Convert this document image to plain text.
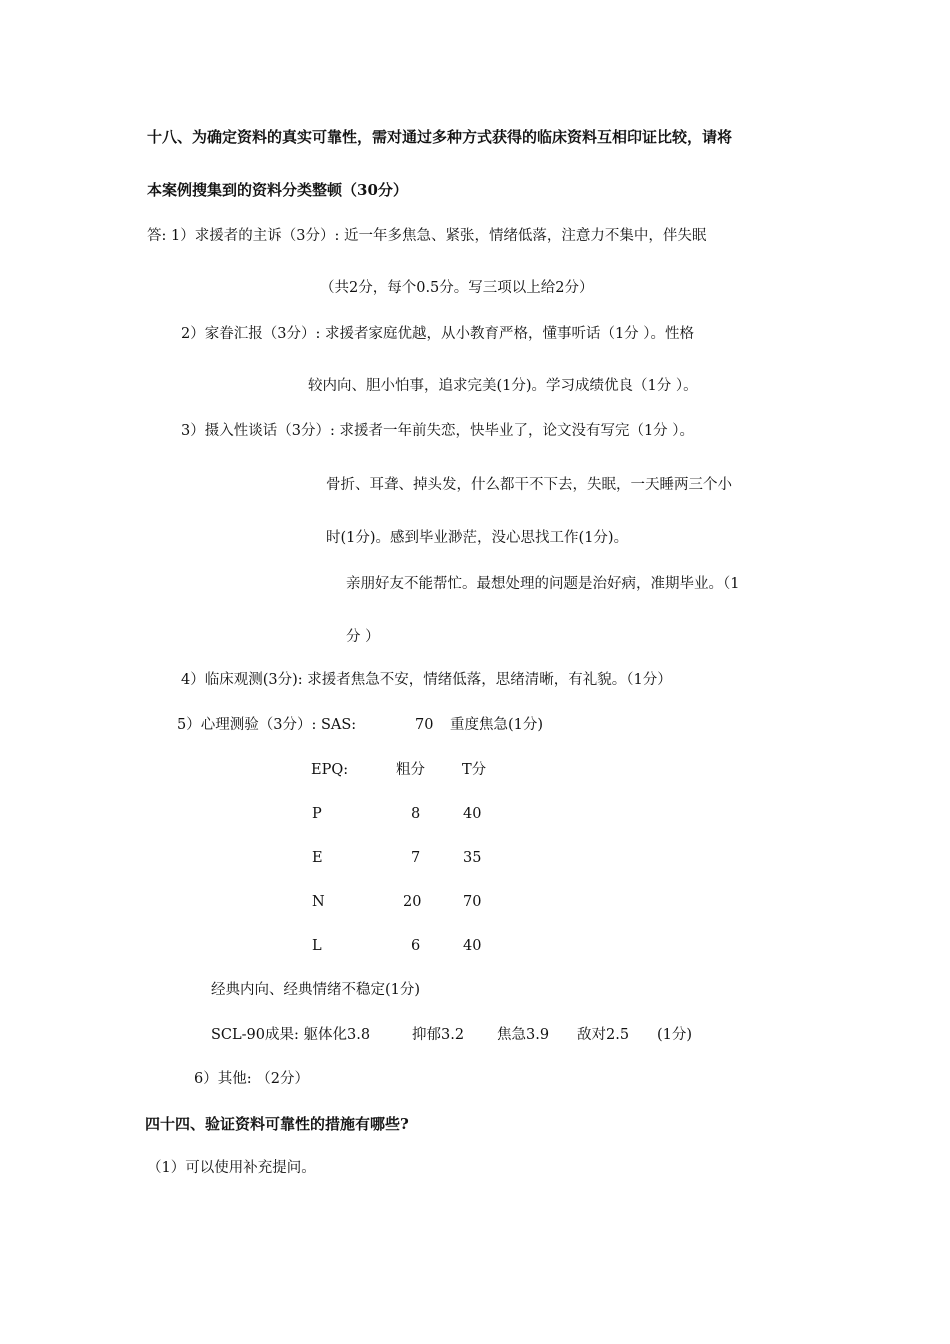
十八、为确定资料的真实可靠性，需对通过多种方式获得的临床资料互相印证比较，请将
本案例搜集到的资料分类整顿（30分）
答: 1）求援者的主诉（3分）: 近一年多焦急、紧张，情绪低落，注意力不集中，伴失眠
（共2分，每个0.5分。写三项以上给2分）
2）家眷汇报（3分）: 求援者家庭优越，从小教育严格，懂事听话（1分 ）。性格
较内向、胆小怕事，追求完美(1分)。学习成绩优良（1分 ）。
3）摄入性谈话（3分）: 求援者一年前失恋，快毕业了，论文没有写完（1分 ）。
骨折、耳聋、掉头发，什么都干不下去，失眠，一天睡两三个小
时(1分)。感到毕业渺茫，没心思找工作(1分)。
亲朋好友不能帮忙。最想处理的问题是治好病，准期毕业。（1
分 ）
4）临床观测(3分): 求援者焦急不安，情绪低落，思绪清晰，有礼貌。（1分）
5）心理测验（3分）: SAS:	70 重度焦急(1分)
EPQ:	粗分	T分
P	8	40
E	7	35
N	20	70
L	6	40
经典内向、经典情绪不稳定(1分)
SCL-90成果: 躯体化3.8	抑郁3.2 焦急3.9 敌对2.5 (1分)
6）其他: （2分）
四十四、验证资料可靠性的措施有哪些?
（1）可以使用补充提问。
